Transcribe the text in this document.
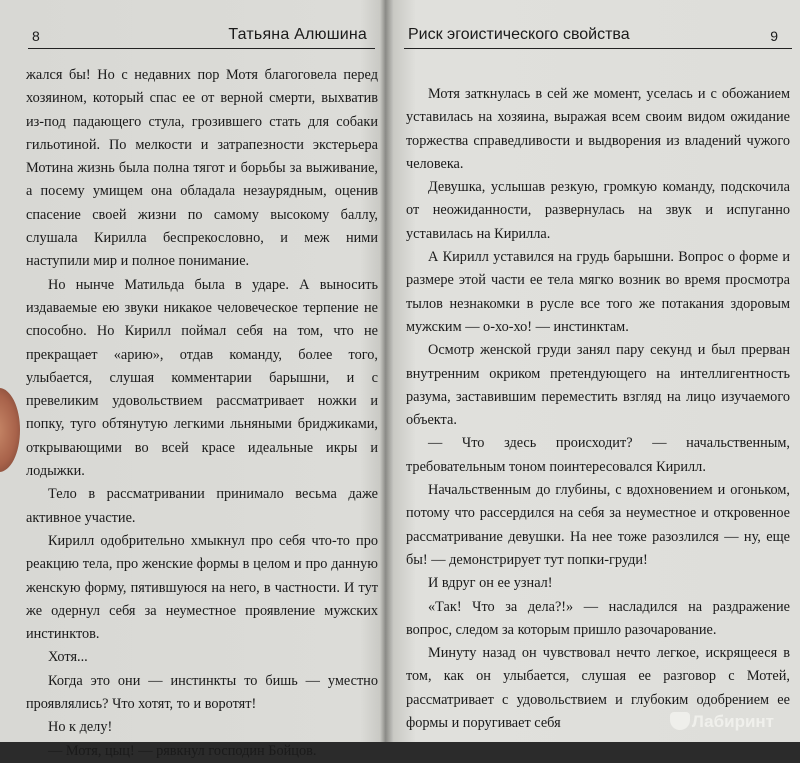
8	Татьяна Алюшина

жался бы! Но с недавних пор Мотя благоговела перед хозяином, который спас ее от верной смерти, выхватив из-под падающего стула, грозившего стать для собаки гильотиной. По мелкости и затрапезности экстерьера Мотина жизнь была полна тягот и борьбы за выживание, а посему умищем она обладала незаурядным, оценив спасение своей жизни по самому высокому баллу, слушала Кирилла беспрекословно, и меж ними наступили мир и полное понимание.

Но нынче Матильда была в ударе. А выносить издаваемые ею звуки никакое человеческое терпение не способно. Но Кирилл поймал себя на том, что не прекращает «арию», отдав команду, более того, улыбается, слушая комментарии барышни, и с превеликим удовольствием рассматривает ножки и попку, туго обтянутую легкими льняными бриджиками, открывающими во всей красе идеальные икры и лодыжки.

Тело в рассматривании принимало весьма даже активное участие.

Кирилл одобрительно хмыкнул про себя что-то про реакцию тела, про женские формы в целом и про данную женскую форму, пятившуюся на него, в частности. И тут же одернул себя за неуместное проявление мужских инстинктов.

Хотя...

Когда это они — инстинкты то бишь — уместно проявлялись? Что хотят, то и воротят!

Но к делу!

— Мотя, цыц! — рявкнул господин Бойцов.

Риск эгоистического свойства	9

Мотя заткнулась в сей же момент, уселась и с обожанием уставилась на хозяина, выражая всем своим видом ожидание торжества справедливости и выдворения из владений чужого человека.

Девушка, услышав резкую, громкую команду, подскочила от неожиданности, развернулась на звук и испуганно уставилась на Кирилла.

А Кирилл уставился на грудь барышни. Вопрос о форме и размере этой части ее тела мягко возник во время просмотра тылов незнакомки в русле все того же потакания здоровым мужским — о-хо-хо! — инстинктам.

Осмотр женской груди занял пару секунд и был прерван внутренним окриком претендующего на интеллигентность разума, заставившим переместить взгляд на лицо изучаемого объекта.

— Что здесь происходит? — начальственным, требовательным тоном поинтересовался Кирилл.

Начальственным до глубины, с вдохновением и огоньком, потому что рассердился на себя за неуместное и откровенное рассматривание девушки. На нее тоже разозлился — ну, еще бы! — демонстрирует тут попки-груди!

И вдруг он ее узнал!

«Так! Что за дела?!» — насладился на раздражение вопрос, следом за которым пришло разочарование.

Минуту назад он чувствовал нечто легкое, искрящееся в том, как он улыбается, слушая ее разговор с Мотей, рассматривает с удовольствием и глубоким одобрением ее формы и поругивает себя	Лабиринт
